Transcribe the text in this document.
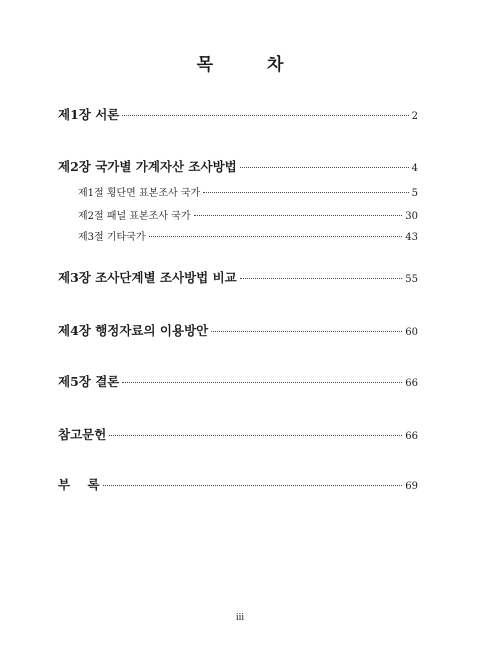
목 차
제1장 서론	2
제2장 국가별 가계자산 조사방법	4
제1절 횡단면 표본조사 국가	5
제2절 패널 표본조사 국가	30
제3절 기타국가	43
제3장 조사단계별 조사방법 비교	55
제4장 행정자료의 이용방안	60
제5장 결론	66
참고문헌	66
부    록	69
iii
